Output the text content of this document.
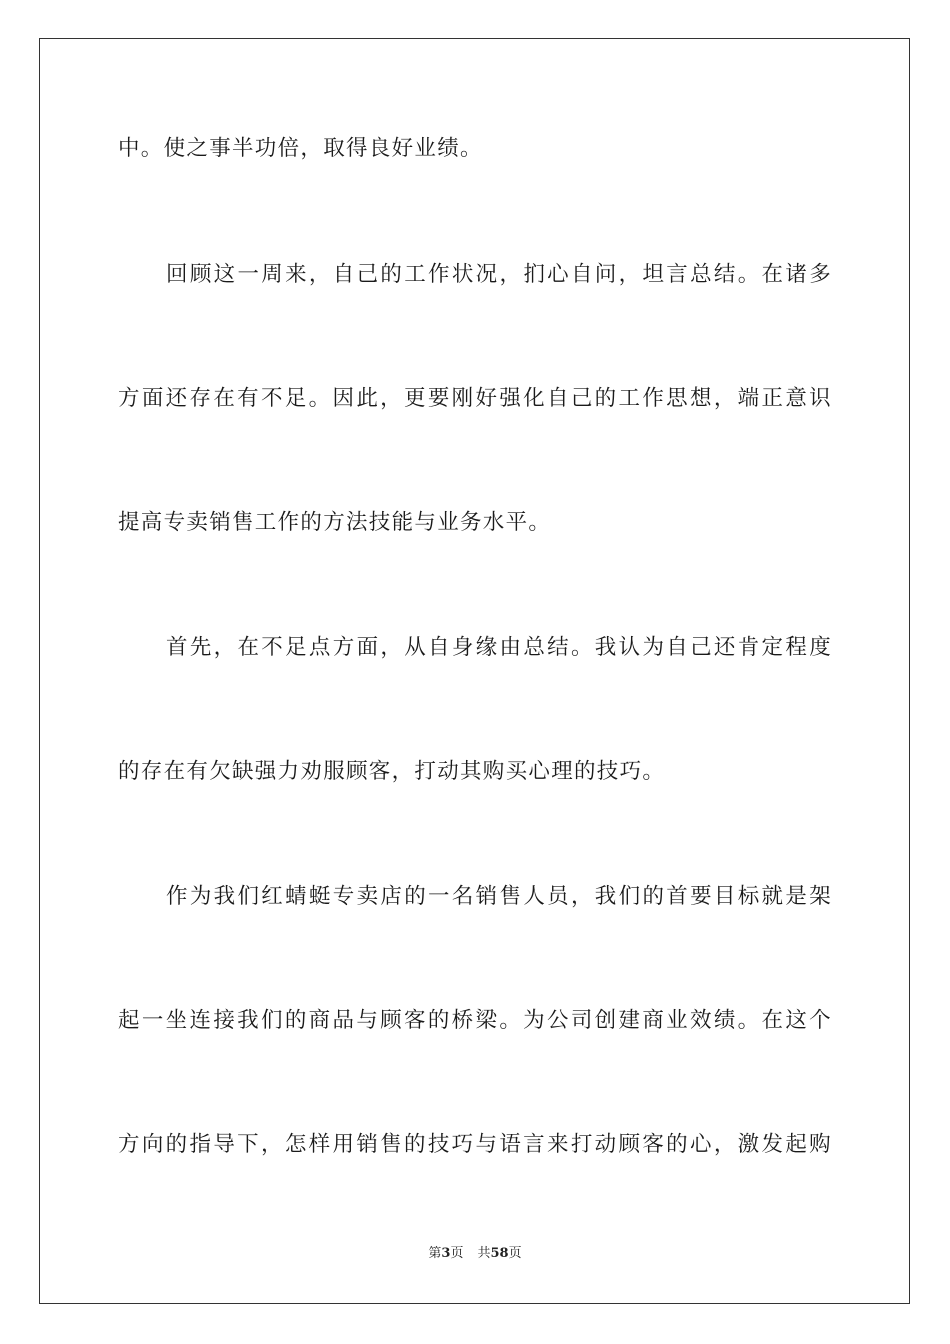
中。使之事半功倍，取得良好业绩。
回顾这一周来，自己的工作状况，扪心自问，坦言总结。在诸多
方面还存在有不足。因此，更要刚好强化自己的工作思想，端正意识
提高专卖销售工作的方法技能与业务水平。
首先，在不足点方面，从自身缘由总结。我认为自己还肯定程度
的存在有欠缺强力劝服顾客，打动其购买心理的技巧。
作为我们红蜻蜓专卖店的一名销售人员，我们的首要目标就是架
起一坐连接我们的商品与顾客的桥梁。为公司创建商业效绩。在这个
方向的指导下，怎样用销售的技巧与语言来打动顾客的心，激发起购
第3页 共58页
